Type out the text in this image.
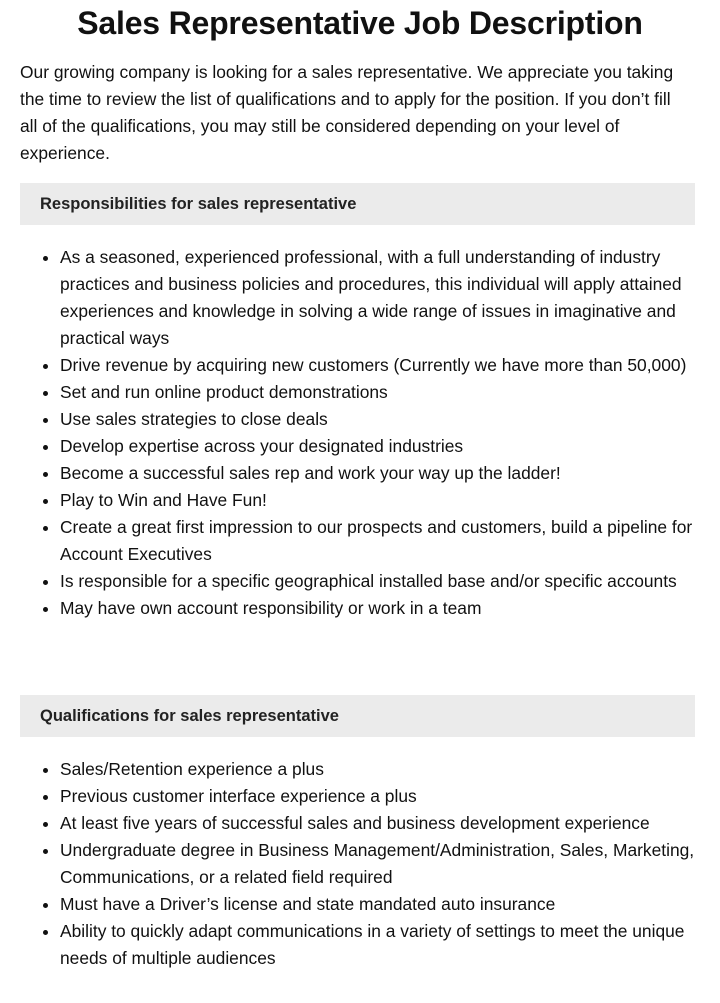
Sales Representative Job Description

Our growing company is looking for a sales representative. We appreciate you taking the time to review the list of qualifications and to apply for the position. If you don’t fill all of the qualifications, you may still be considered depending on your level of experience.

Responsibilities for sales representative
• As a seasoned, experienced professional, with a full understanding of industry practices and business policies and procedures, this individual will apply attained experiences and knowledge in solving a wide range of issues in imaginative and practical ways
• Drive revenue by acquiring new customers (Currently we have more than 50,000)
• Set and run online product demonstrations
• Use sales strategies to close deals
• Develop expertise across your designated industries
• Become a successful sales rep and work your way up the ladder!
• Play to Win and Have Fun!
• Create a great first impression to our prospects and customers, build a pipeline for Account Executives
• Is responsible for a specific geographical installed base and/or specific accounts
• May have own account responsibility or work in a team
Qualifications for sales representative
• Sales/Retention experience a plus
• Previous customer interface experience a plus
• At least five years of successful sales and business development experience
• Undergraduate degree in Business Management/Administration, Sales, Marketing, Communications, or a related field required
• Must have a Driver’s license and state mandated auto insurance
• Ability to quickly adapt communications in a variety of settings to meet the unique needs of multiple audiences
